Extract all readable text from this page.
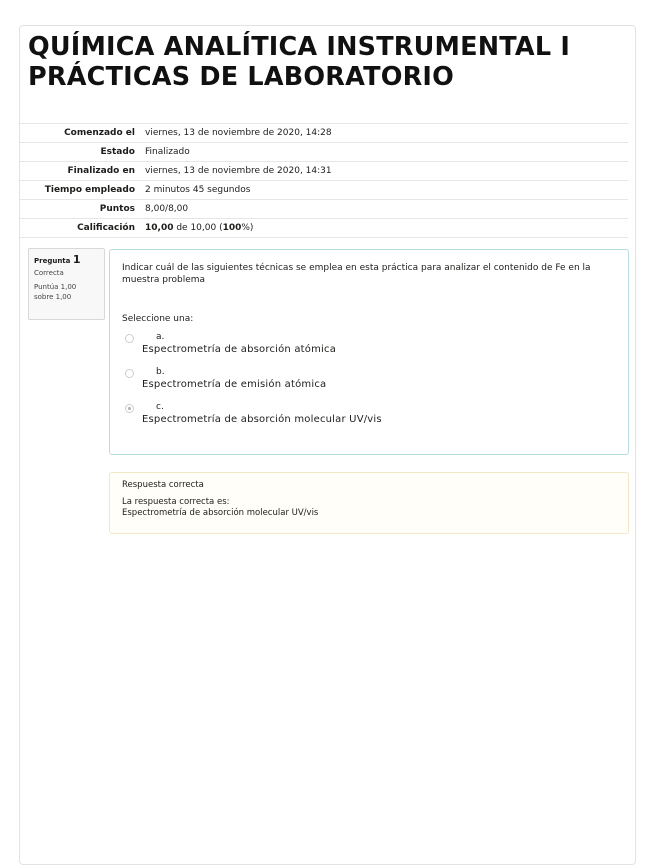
QUÍMICA ANALÍTICA INSTRUMENTAL I
PRÁCTICAS DE LABORATORIO
Comenzado el	viernes, 13 de noviembre de 2020, 14:28
Estado	Finalizado
Finalizado en	viernes, 13 de noviembre de 2020, 14:31
Tiempo empleado	2 minutos 45 segundos
Puntos	8,00/8,00
Calificación	10,00 de 10,00 (100%)
Pregunta 1
Correcta
Puntúa 1,00
sobre 1,00
Indicar cuál de las siguientes técnicas se emplea en esta práctica para analizar el contenido de Fe en la muestra problema
Seleccione una:
a.
Espectrometría de absorción atómica
b.
Espectrometría de emisión atómica
c.
Espectrometría de absorción molecular UV/vis
Respuesta correcta
La respuesta correcta es:
Espectrometría de absorción molecular UV/vis
